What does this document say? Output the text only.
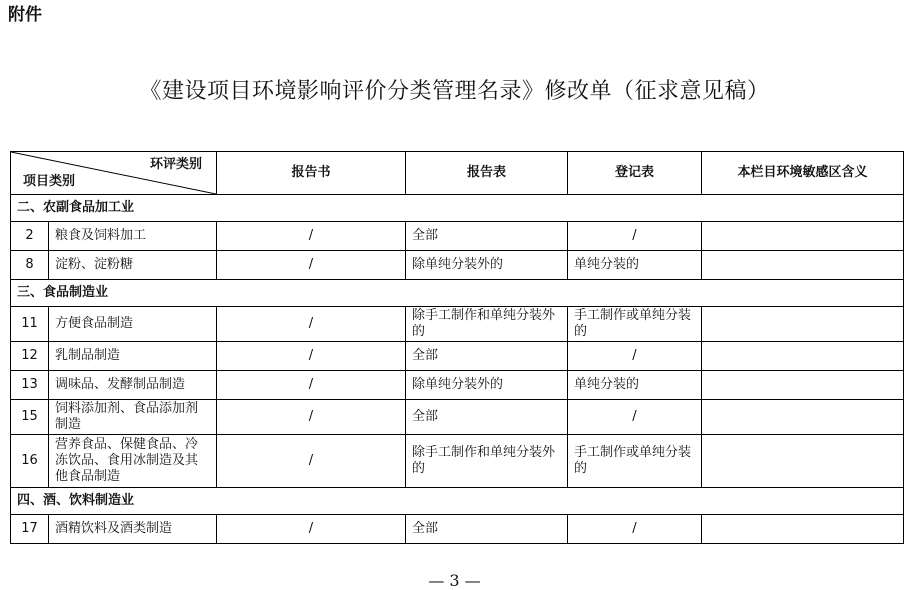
附件
《建设项目环境影响评价分类管理名录》修改单（征求意见稿）
环评类别
项目类别		报告书	报告表	登记表	本栏目环境敏感区含义
二、农副食品加工业					
2	粮食及饲料加工	/	全部	/	
8	淀粉、淀粉糖	/	除单纯分装外的	单纯分装的	
三、食品制造业					
11	方便食品制造	/	除手工制作和单纯分装外的	手工制作或单纯分装的	
12	乳制品制造	/	全部	/	
13	调味品、发酵制品制造	/	除单纯分装外的	单纯分装的	
15	饲料添加剂、食品添加剂制造	/	全部	/	
16	营养食品、保健食品、冷冻饮品、食用冰制造及其他食品制造	/	除手工制作和单纯分装外的	手工制作或单纯分装的	
四、酒、饮料制造业					
17	酒精饮料及酒类制造	/	全部	/	
— 3 —
